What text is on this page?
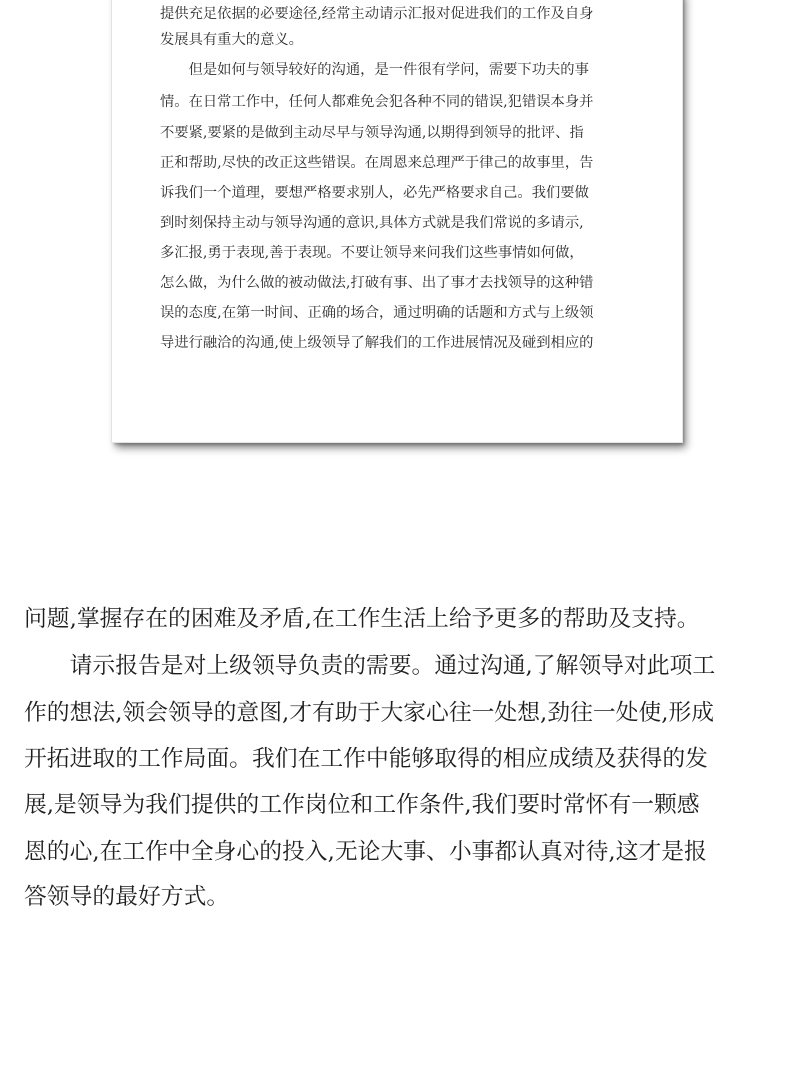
提供充足依据的必要途径,经常主动请示汇报对促进我们的工作及自身
发展具有重大的意义。
　　但是如何与领导较好的沟通，是一件很有学问，需要下功夫的事
情。在日常工作中，任何人都难免会犯各种不同的错误,犯错误本身并
不要紧,要紧的是做到主动尽早与领导沟通,以期得到领导的批评、指
正和帮助,尽快的改正这些错误。在周恩来总理严于律己的故事里，告
诉我们一个道理，要想严格要求别人，必先严格要求自己。我们要做
到时刻保持主动与领导沟通的意识,具体方式就是我们常说的多请示,
多汇报,勇于表现,善于表现。不要让领导来问我们这些事情如何做，
怎么做，为什么做的被动做法,打破有事、出了事才去找领导的这种错
误的态度,在第一时间、正确的场合，通过明确的话题和方式与上级领
导进行融洽的沟通,使上级领导了解我们的工作进展情况及碰到相应的
问题,掌握存在的困难及矛盾,在工作生活上给予更多的帮助及支持。
　　请示报告是对上级领导负责的需要。通过沟通,了解领导对此项工
作的想法,领会领导的意图,才有助于大家心往一处想,劲往一处使,形成
开拓进取的工作局面。我们在工作中能够取得的相应成绩及获得的发
展,是领导为我们提供的工作岗位和工作条件,我们要时常怀有一颗感
恩的心,在工作中全身心的投入,无论大事、小事都认真对待,这才是报
答领导的最好方式。
